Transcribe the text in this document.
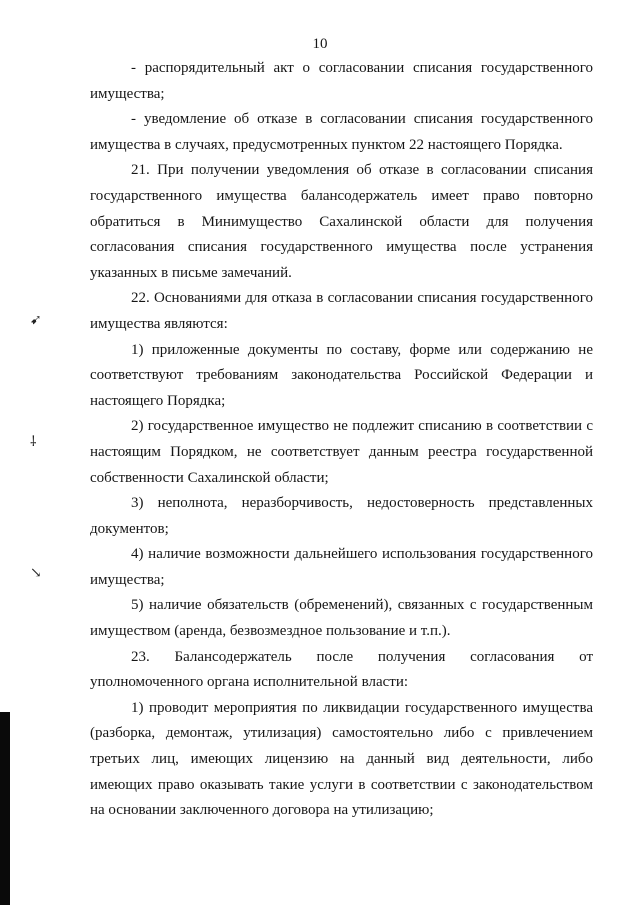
10

- распорядительный акт о согласовании списания государственного имущества;

- уведомление об отказе в согласовании списания государственного имущества в случаях, предусмотренных пунктом 22 настоящего Порядка.

21. При получении уведомления об отказе в согласовании списания государственного имущества балансодержатель имеет право повторно обратиться в Минимущество Сахалинской области для получения согласования списания государственного имущества после устранения указанных в письме замечаний.

22. Основаниями для отказа в согласовании списания государственного имущества являются:

1) приложенные документы по составу, форме или содержанию не соответствуют требованиям законодательства Российской Федерации и настоящего Порядка;

2) государственное имущество не подлежит списанию в соответствии с настоящим Порядком, не соответствует данным реестра государственной собственности Сахалинской области;

3) неполнота, неразборчивость, недостоверность представленных документов;

4) наличие возможности дальнейшего использования государственного имущества;

5) наличие обязательств (обременений), связанных с государственным имуществом (аренда, безвозмездное пользование и т.п.).

23. Балансодержатель после получения согласования от уполномоченного органа исполнительной власти:

1) проводит мероприятия по ликвидации государственного имущества (разборка, демонтаж, утилизация) самостоятельно либо с привлечением третьих лиц, имеющих лицензию на данный вид деятельности, либо имеющих право оказывать такие услуги в соответствии с законодательством на основании заключенного договора на утилизацию;

➹
⸸
↘
